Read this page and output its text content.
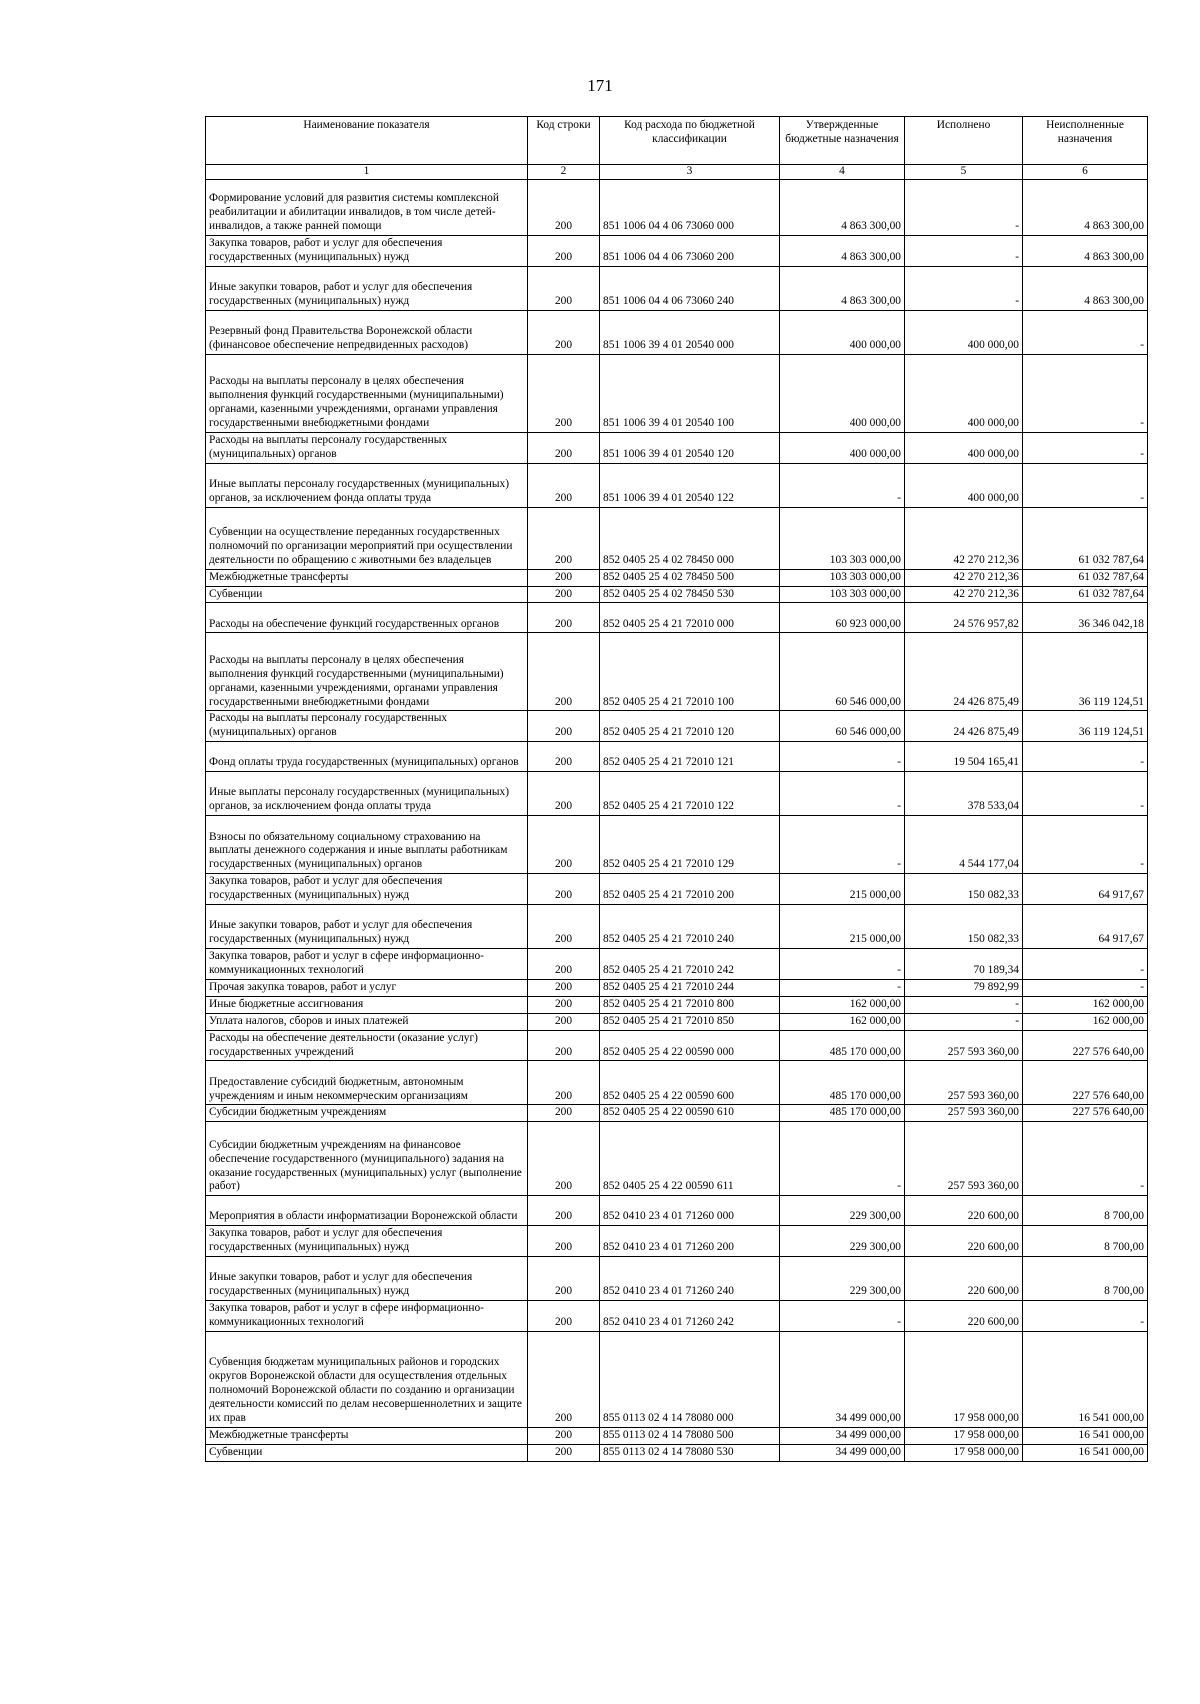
171
Наименование показателя	Код строки	Код расхода по бюджетной классификации	Утвержденные бюджетные назначения	Исполнено	Неисполненные назначения
1	2	3	4	5	6
Формирование условий для развития системы комплексной реабилитации и абилитации инвалидов, в том числе детей-инвалидов, а также ранней помощи	200	851 1006 04 4 06 73060 000	4 863 300,00	-	4 863 300,00
Закупка товаров, работ и услуг для обеспечения государственных (муниципальных) нужд	200	851 1006 04 4 06 73060 200	4 863 300,00	-	4 863 300,00
Иные закупки товаров, работ и услуг для обеспечения государственных (муниципальных) нужд	200	851 1006 04 4 06 73060 240	4 863 300,00	-	4 863 300,00
Резервный фонд Правительства Воронежской области (финансовое обеспечение непредвиденных расходов)	200	851 1006 39 4 01 20540 000	400 000,00	400 000,00	-
Расходы на выплаты персоналу в целях обеспечения выполнения функций государственными (муниципальными) органами, казенными учреждениями, органами управления государственными внебюджетными фондами	200	851 1006 39 4 01 20540 100	400 000,00	400 000,00	-
Расходы на выплаты персоналу государственных (муниципальных) органов	200	851 1006 39 4 01 20540 120	400 000,00	400 000,00	-
Иные выплаты персоналу государственных (муниципальных) органов, за исключением фонда оплаты труда	200	851 1006 39 4 01 20540 122	-	400 000,00	-
Субвенции на осуществление переданных государственных полномочий по организации мероприятий при осуществлении деятельности по обращению с животными без владельцев	200	852 0405 25 4 02 78450 000	103 303 000,00	42 270 212,36	61 032 787,64
Межбюджетные трансферты	200	852 0405 25 4 02 78450 500	103 303 000,00	42 270 212,36	61 032 787,64
Субвенции	200	852 0405 25 4 02 78450 530	103 303 000,00	42 270 212,36	61 032 787,64
Расходы на обеспечение функций государственных органов	200	852 0405 25 4 21 72010 000	60 923 000,00	24 576 957,82	36 346 042,18
Расходы на выплаты персоналу в целях обеспечения выполнения функций государственными (муниципальными) органами, казенными учреждениями, органами управления государственными внебюджетными фондами	200	852 0405 25 4 21 72010 100	60 546 000,00	24 426 875,49	36 119 124,51
Расходы на выплаты персоналу государственных (муниципальных) органов	200	852 0405 25 4 21 72010 120	60 546 000,00	24 426 875,49	36 119 124,51
Фонд оплаты труда государственных (муниципальных) органов	200	852 0405 25 4 21 72010 121	-	19 504 165,41	-
Иные выплаты персоналу государственных (муниципальных) органов, за исключением фонда оплаты труда	200	852 0405 25 4 21 72010 122	-	378 533,04	-
Взносы по обязательному социальному страхованию на выплаты денежного содержания и иные выплаты работникам государственных (муниципальных) органов	200	852 0405 25 4 21 72010 129	-	4 544 177,04	-
Закупка товаров, работ и услуг для обеспечения государственных (муниципальных) нужд	200	852 0405 25 4 21 72010 200	215 000,00	150 082,33	64 917,67
Иные закупки товаров, работ и услуг для обеспечения государственных (муниципальных) нужд	200	852 0405 25 4 21 72010 240	215 000,00	150 082,33	64 917,67
Закупка товаров, работ и услуг в сфере информационно-коммуникационных технологий	200	852 0405 25 4 21 72010 242	-	70 189,34	-
Прочая закупка товаров, работ и услуг	200	852 0405 25 4 21 72010 244	-	79 892,99	-
Иные бюджетные ассигнования	200	852 0405 25 4 21 72010 800	162 000,00	-	162 000,00
Уплата налогов, сборов и иных платежей	200	852 0405 25 4 21 72010 850	162 000,00	-	162 000,00
Расходы на обеспечение деятельности (оказание услуг) государственных учреждений	200	852 0405 25 4 22 00590 000	485 170 000,00	257 593 360,00	227 576 640,00
Предоставление субсидий бюджетным, автономным учреждениям и иным некоммерческим организациям	200	852 0405 25 4 22 00590 600	485 170 000,00	257 593 360,00	227 576 640,00
Субсидии бюджетным учреждениям	200	852 0405 25 4 22 00590 610	485 170 000,00	257 593 360,00	227 576 640,00
Субсидии бюджетным учреждениям на финансовое обеспечение государственного (муниципального) задания на оказание государственных (муниципальных) услуг (выполнение работ)	200	852 0405 25 4 22 00590 611	-	257 593 360,00	-
Мероприятия в области информатизации Воронежской области	200	852 0410 23 4 01 71260 000	229 300,00	220 600,00	8 700,00
Закупка товаров, работ и услуг для обеспечения государственных (муниципальных) нужд	200	852 0410 23 4 01 71260 200	229 300,00	220 600,00	8 700,00
Иные закупки товаров, работ и услуг для обеспечения государственных (муниципальных) нужд	200	852 0410 23 4 01 71260 240	229 300,00	220 600,00	8 700,00
Закупка товаров, работ и услуг в сфере информационно-коммуникационных технологий	200	852 0410 23 4 01 71260 242	-	220 600,00	-
Субвенция бюджетам муниципальных районов и городских округов Воронежской области для осуществления отдельных полномочий Воронежской области по созданию и организации деятельности комиссий по делам несовершеннолетних и защите их прав	200	855 0113 02 4 14 78080 000	34 499 000,00	17 958 000,00	16 541 000,00
Межбюджетные трансферты	200	855 0113 02 4 14 78080 500	34 499 000,00	17 958 000,00	16 541 000,00
Субвенции	200	855 0113 02 4 14 78080 530	34 499 000,00	17 958 000,00	16 541 000,00
